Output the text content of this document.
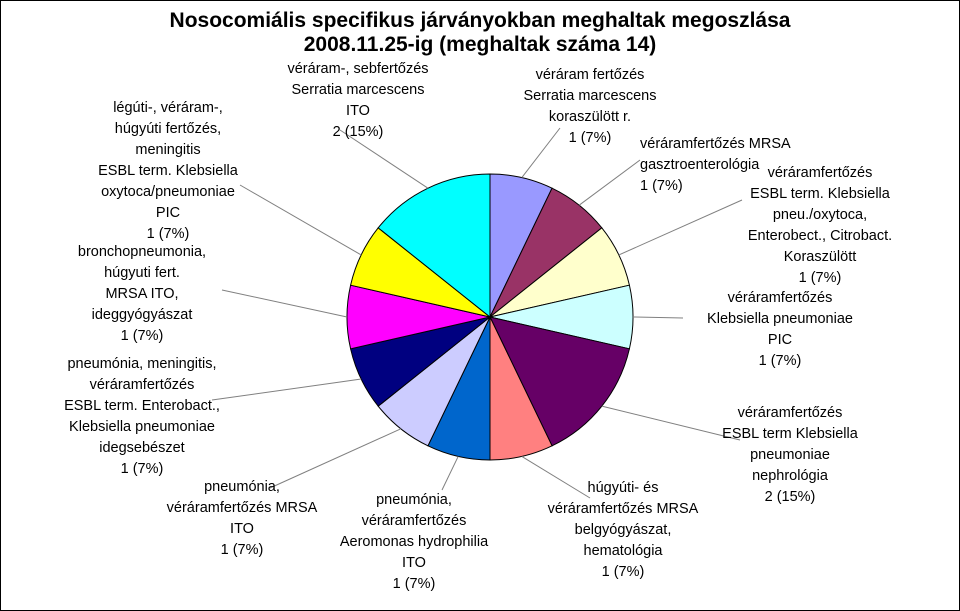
Nosocomiális specifikus járványokban meghaltak megoszlása
2008.11.25-ig (meghaltak száma 14)
véráram fertőzés Serratia marcescens koraszülött r. 1 (7%)	véráramfertőzés MRSA gasztroenterológia 1 (7%)
véráramfertőzés ESBL term. Klebsiella pneu./oxytoca, Enterobect., Citrobact. Koraszülött 1 (7%)
véráramfertőzés Klebsiella pneumoniae PIC 1 (7%)
véráramfertőzés ESBL term Klebsiella pneumoniae nephrológia 2 (15%)
húgyúti- és véráramfertőzés MRSA belgyógyászat, hematológia 1 (7%)
pneumónia, véráramfertőzés Aeromonas hydrophilia ITO 1 (7%)
pneumónia, véráramfertőzés MRSA ITO 1 (7%)
pneumónia, meningitis, véráramfertőzés ESBL term. Enterobact., Klebsiella pneumoniae idegsebészet 1 (7%)
bronchopneumonia, húgyuti fert. MRSA ITO, ideggyógyászat 1 (7%)
légúti-, véráram-, húgyúti fertőzés, meningitis ESBL term. Klebsiella oxytoca/pneumoniae PIC 1 (7%)
véráram-, sebfertőzés Serratia marcescens ITO 2 (15%)
